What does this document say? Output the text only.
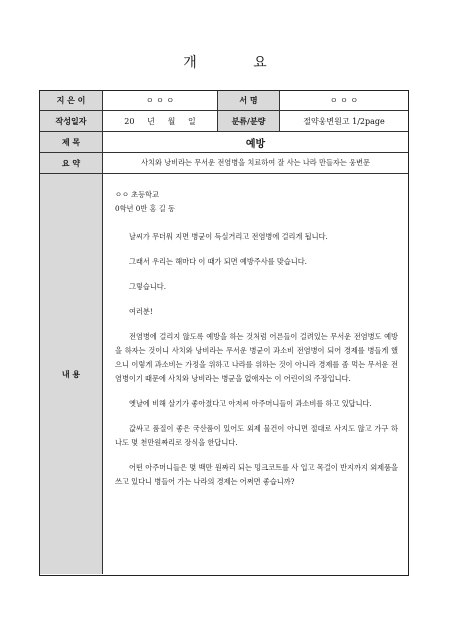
개 요
지 은 이	ㅇ ㅇ ㅇ	서 명	ㅇ ㅇ ㅇ
작성일자	20     년     월     일	분류/분량	절약웅변원고 1/2page
제 목	예방
요 약	사치와 낭비라는 무서운 전염병을 치료하여 잘 사는 나라 만들자는 웅변문
내 용

ㅇㅇ 초등학교

0학년 0반 홍 길 동

날씨가 무더워 지면 병균이 득실거리고 전염병에 걸리게 됩니다.

그래서 우리는 해마다 이 때가 되면 예방주사를 맞습니다.

그렇습니다.

여러분!

전염병에 걸리지 않도록 예방을 하는 것처럼 어른들이 걸려있는 무서운 전염병도 예방을 하자는 것이니 사치와 낭비라는 무서운 병균이 과소비 전염병이 되어 경제를 병들게 했으니 이렇게 과소비는 가정을 위하고 나라를 위하는 것이 아니라 경제를 좀 먹는 무서운 전염병이기 때문에 사치와 낭비라는 병균을 없애자는 이 어린이의 주장입니다.

옛날에 비해 살기가 좋아졌다고 아저씨 아주머니들이 과소비를 하고 있답니다.

값싸고 품질이 좋은 국산품이 있어도 외제 물건이 아니면 절대로 사지도 않고 가구 하나도 몇 천만원짜리로 장식을 한답니다.

어떤 아주머니들은 몇 백만 원짜리 되는 밍크코트를 사 입고 목걸이 반지까지 외제품을 쓰고 있다니 병들어 가는 나라의 경제는 어쩌면 좋습니까?
